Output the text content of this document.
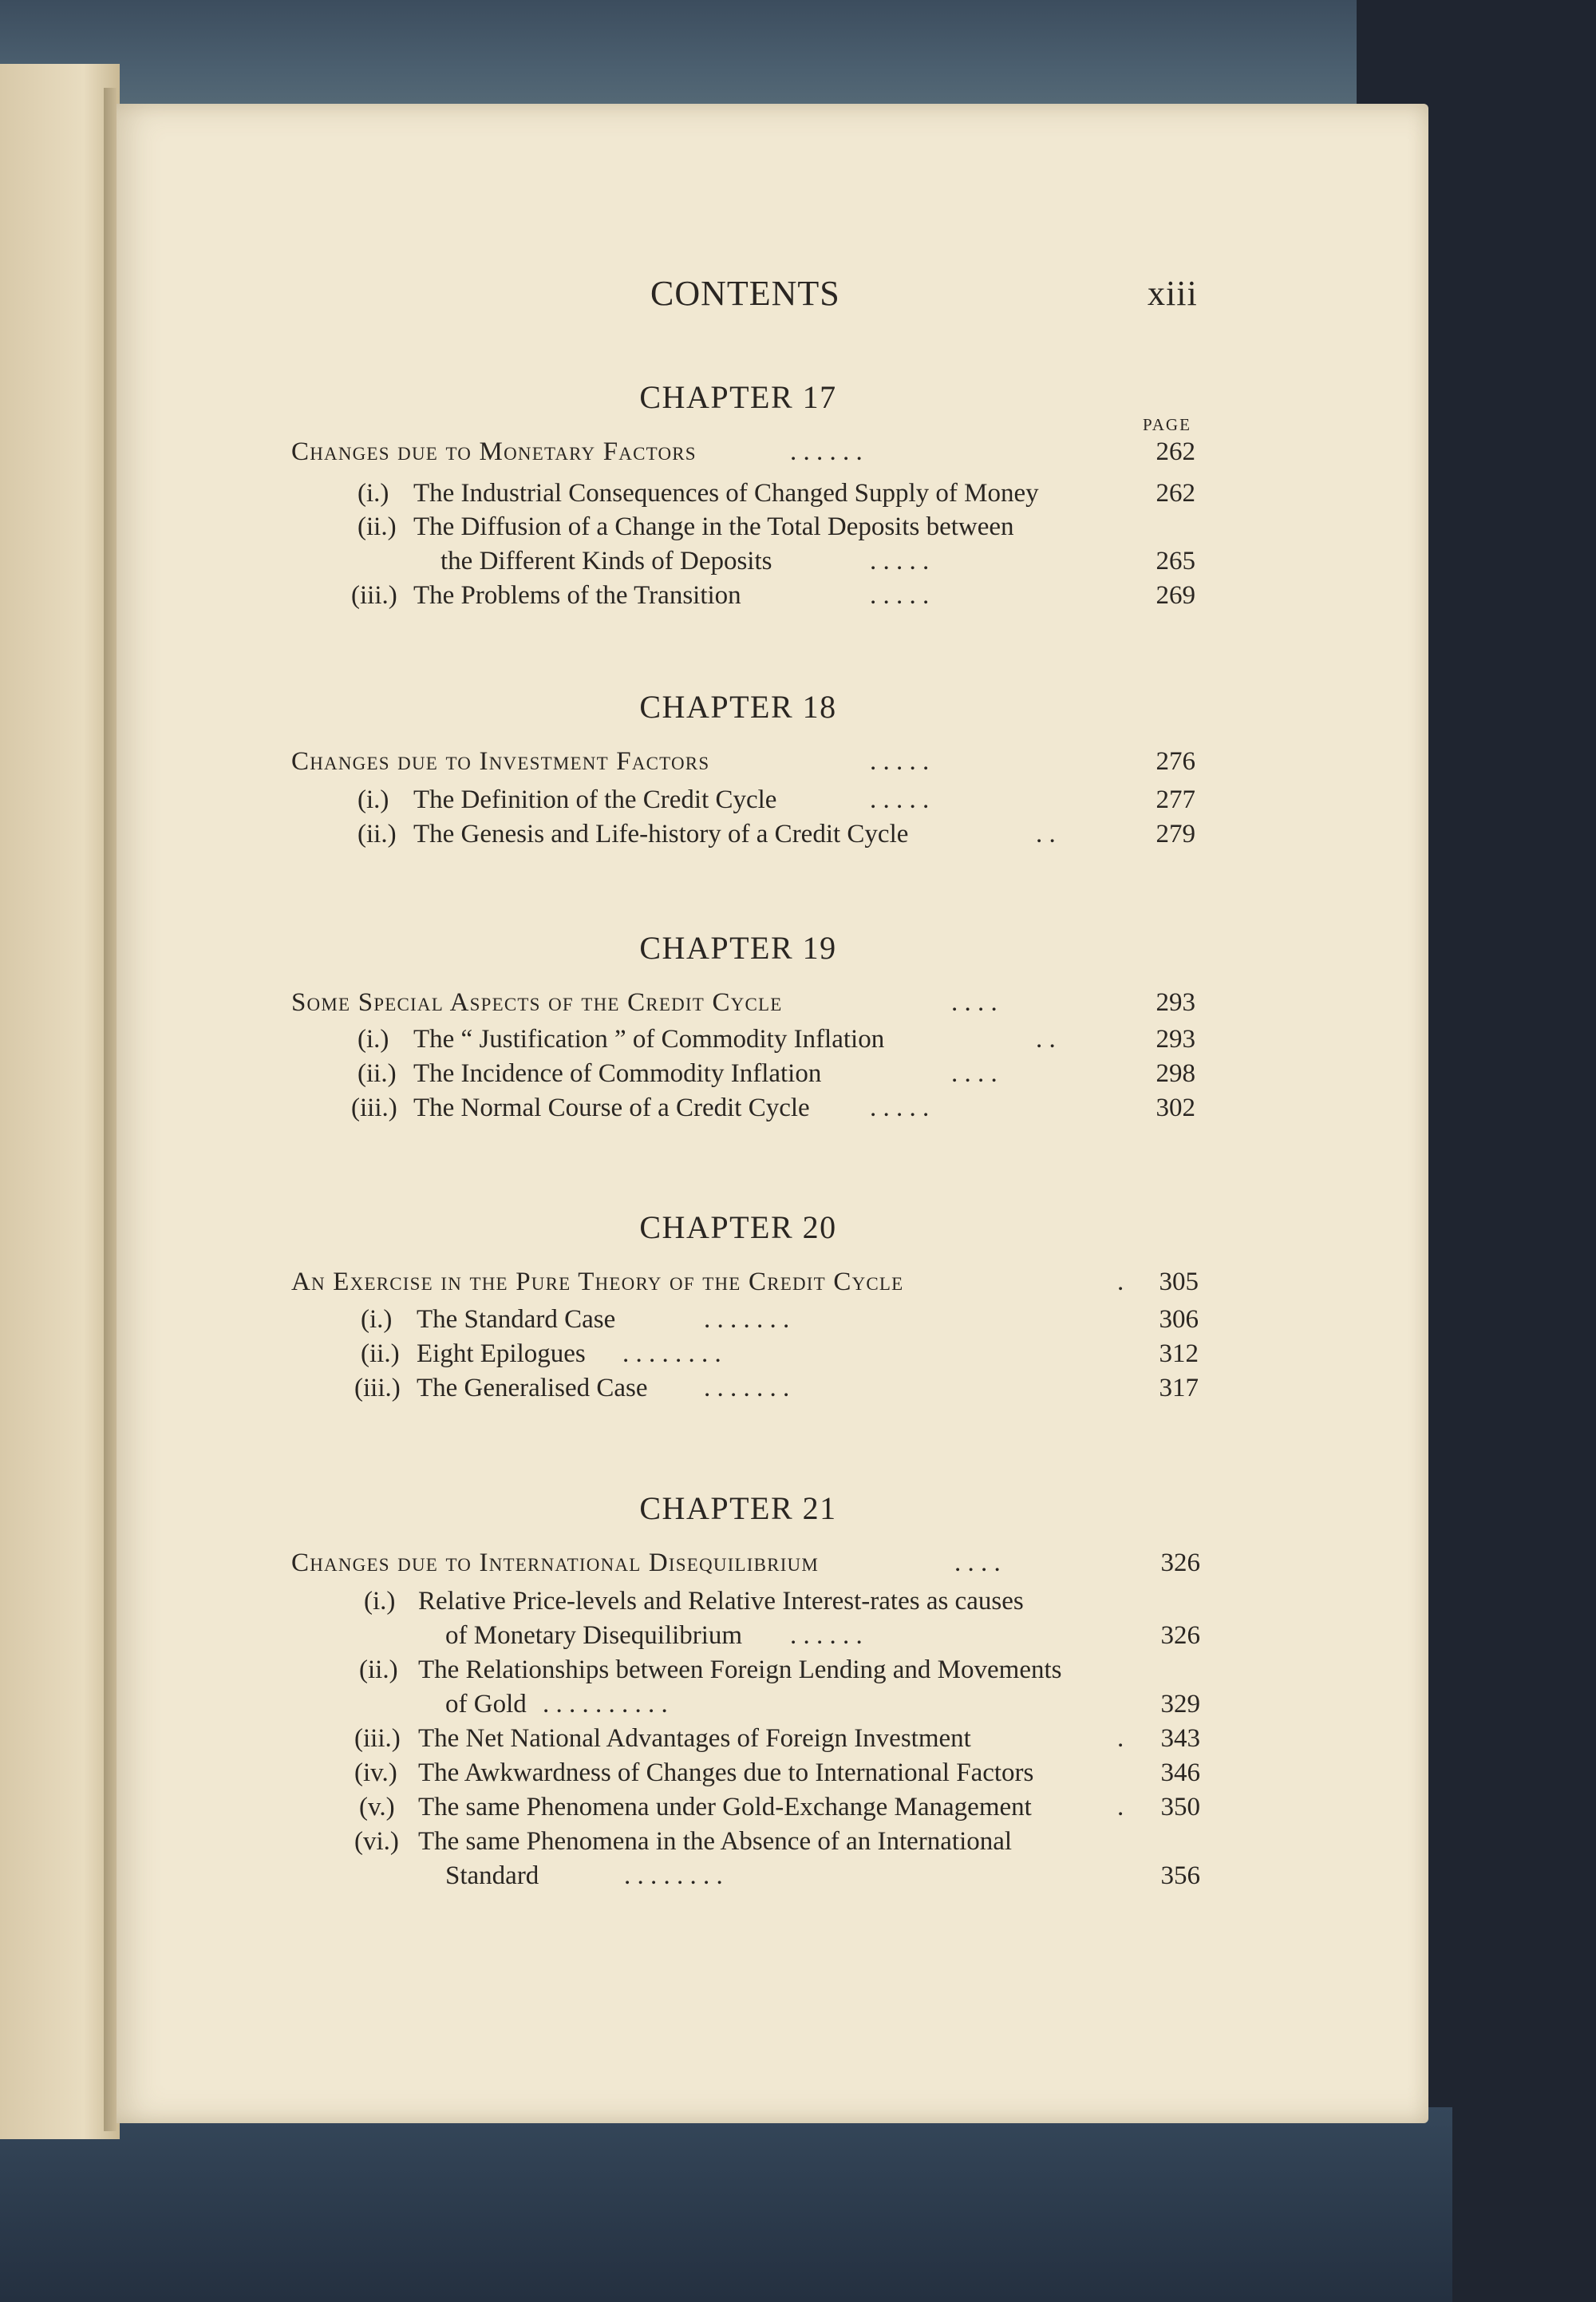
CONTENTS	xiii
CHAPTER 17
PAGE
Changes due to Monetary Factors	. . . . . .	262
(i.) The Industrial Consequences of Changed Supply of Money	262
(ii.) The Diffusion of a Change in the Total Deposits between
the Different Kinds of Deposits	. . . . .	265
(iii.) The Problems of the Transition	. . . . .	269
CHAPTER 18
Changes due to Investment Factors	. . . . .	276
(i.) The Definition of the Credit Cycle	. . . . .	277
(ii.) The Genesis and Life-history of a Credit Cycle	. .	279
CHAPTER 19
Some Special Aspects of the Credit Cycle	. . . .	293
(i.) The “ Justification ” of Commodity Inflation	. .	293
(ii.) The Incidence of Commodity Inflation	. . . .	298
(iii.) The Normal Course of a Credit Cycle . . . . .	302
CHAPTER 20
An Exercise in the Pure Theory of the Credit Cycle	.	305
(i.) The Standard Case	. . . . . . .	306
(ii.) Eight Epilogues . . . . . . . .	312
(iii.) The Generalised Case . . . . . . .	317
CHAPTER 21
Changes due to International Disequilibrium	. . . .	326
(i.) Relative Price-levels and Relative Interest-rates as causes
of Monetary Disequilibrium . . . . . .	326
(ii.) The Relationships between Foreign Lending and Movements
of Gold . . . . . . . . . .	329
(iii.) The Net National Advantages of Foreign Investment	.	343
(iv.) The Awkwardness of Changes due to International Factors	346
(v.) The same Phenomena under Gold-Exchange Management	.	350
(vi.) The same Phenomena in the Absence of an International
Standard	. . . . . . . .	356
